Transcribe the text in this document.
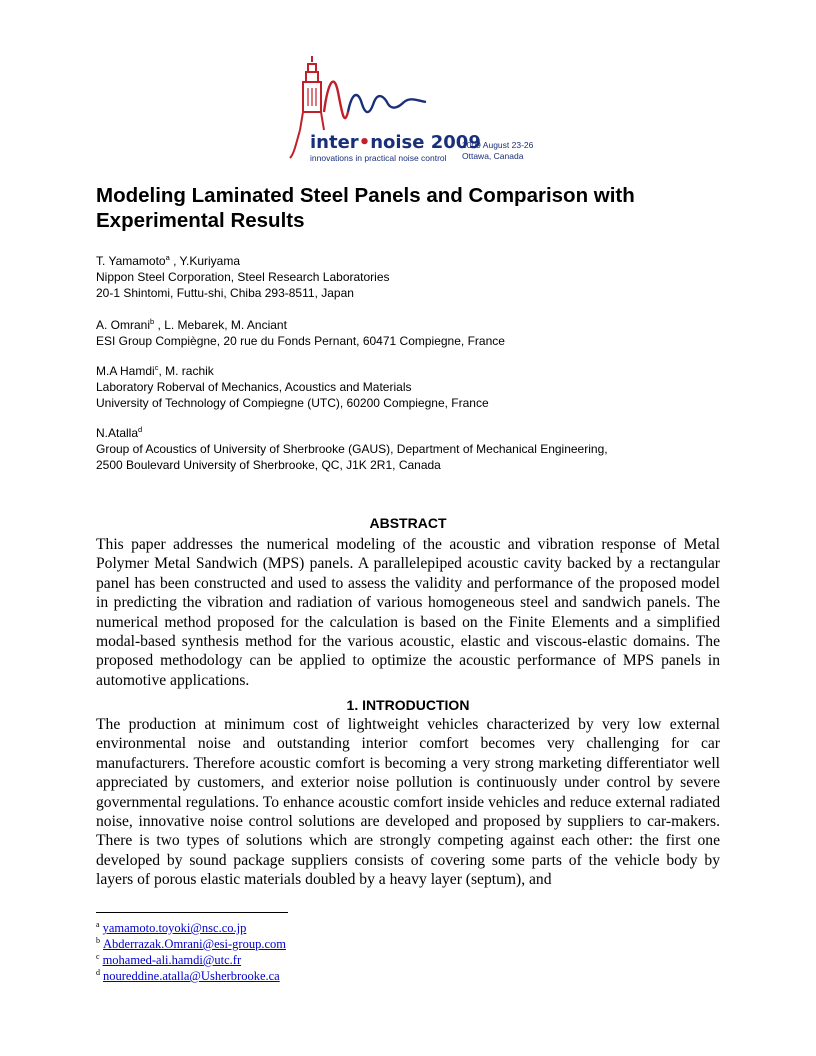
inter•noise 2009
innovations in practical noise control
2009 August 23-26
Ottawa, Canada
Modeling Laminated Steel Panels and Comparison with
Experimental Results

T. Yamamoto$^a$ , Y.Kuriyama

Nippon Steel Corporation, Steel Research Laboratories

20-1 Shintomi, Futtu-shi, Chiba 293-8511, Japan

A. Omrani$^b$ , L. Mebarek, M. Anciant

ESI Group Compiègne, 20 rue du Fonds Pernant, 60471 Compiegne, France

M.A Hamdi$^c$, M. rachik

Laboratory Roberval of Mechanics, Acoustics and Materials

University of Technology of Compiegne (UTC), 60200 Compiegne, France

N.Atalla$^d$

Group of Acoustics of University of Sherbrooke (GAUS), Department of Mechanical Engineering,

2500 Boulevard University of Sherbrooke, QC, J1K 2R1, Canada

ABSTRACT

This paper addresses the numerical modeling of the acoustic and vibration response of Metal Polymer Metal Sandwich (MPS) panels. A parallelepiped acoustic cavity backed by a rectangular panel has been constructed and used to assess the validity and performance of the proposed model in predicting the vibration and radiation of various homogeneous steel and sandwich panels. The numerical method proposed for the calculation is based on the Finite Elements and a simplified modal-based synthesis method for the various acoustic, elastic and viscous-elastic domains. The proposed methodology can be applied to optimize the acoustic performance of MPS panels in automotive applications.

1. INTRODUCTION

The production at minimum cost of lightweight vehicles characterized by very low external environmental noise and outstanding interior comfort becomes very challenging for car manufacturers. Therefore acoustic comfort is becoming a very strong marketing differentiator well appreciated by customers, and exterior noise pollution is continuously under control by severe governmental regulations. To enhance acoustic comfort inside vehicles and reduce external radiated noise, innovative noise control solutions are developed and proposed by suppliers to car-makers. There is two types of solutions which are strongly competing against each other: the first one developed by sound package suppliers consists of covering some parts of the vehicle body by layers of porous elastic materials doubled by a heavy layer (septum), and

$^a$ yamamoto.toyoki@nsc.co.jp

$^b$ Abderrazak.Omrani@esi-group.com

$^c$ mohamed-ali.hamdi@utc.fr

$^d$ noureddine.atalla@Usherbrooke.ca
